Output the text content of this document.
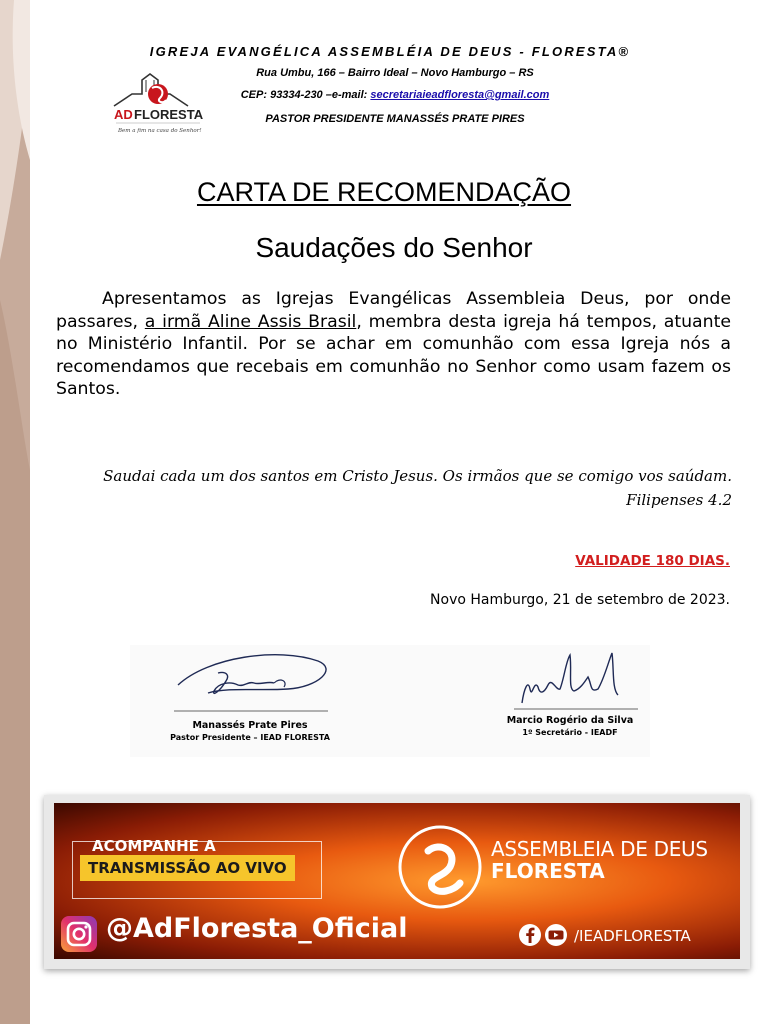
IGREJA EVANGÉLICA ASSEMBLÉIA DE DEUS - FLORESTA®
AD FLORESTA
Bem a fim na casa do Senhor!
Rua Umbu, 166 – Bairro Ideal – Novo Hamburgo – RS
CEP: 93334-230 –e-mail: secretariaieadfloresta@gmail.com
PASTOR PRESIDENTE MANASSÉS PRATE PIRES
CARTA DE RECOMENDAÇÃO
Saudações do Senhor
Apresentamos as Igrejas Evangélicas Assembleia Deus, por onde passares, a irmã Aline Assis Brasil, membra desta igreja há tempos, atuante no Ministério Infantil. Por se achar em comunhão com essa Igreja nós a recomendamos que recebais em comunhão no Senhor como usam fazem os Santos.
Saudai cada um dos santos em Cristo Jesus. Os irmãos que se comigo vos saúdam.
Filipenses 4.2
VALIDADE 180 DIAS.
Novo Hamburgo, 21 de setembro de 2023.
Manassés Prate Pires
Pastor Presidente – IEAD FLORESTA
Marcio Rogério da Silva
1º Secretário - IEADF
ACOMPANHE A
TRANSMISSÃO AO VIVO
ASSEMBLEIA DE DEUS
FLORESTA
@AdFloresta_Oficial	/IEADFLORESTA
